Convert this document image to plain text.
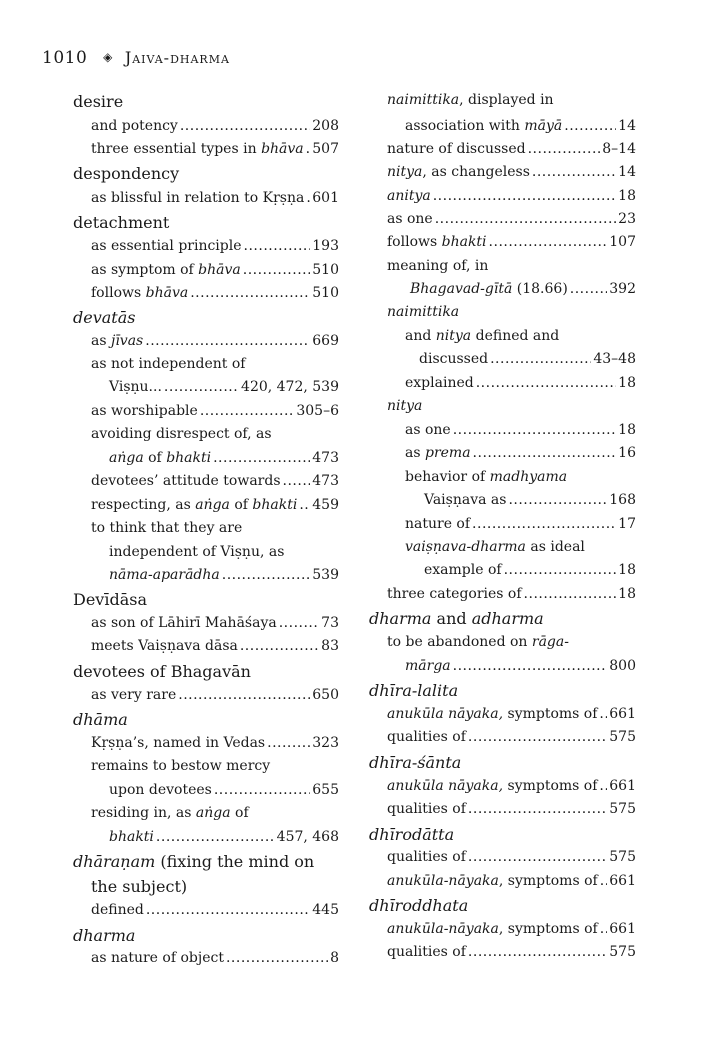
1010 ◈ Jaiva-dharma
desire
and potency .....	208
three essential types in bhāva ..... 507
despondency
as blissful in relation to Kṛṣṇa ..... 601
detachment
as essential principle .....	193
as symptom of bhāva .....	510
follows bhāva .....	510
devatās
as jīvas .....	669
as not independent of
Viṣṇu... .....	420, 472, 539
as worshipable .....	305–6
avoiding disrespect of, as
aṅga of bhakti .....	473
devotees’ attitude towards ..... 473
respecting, as aṅga of bhakti ..... 459
to think that they are
independent of Viṣṇu, as
nāma-aparādha .....	539
Devīdāsa
as son of Lāhirī Mahāśaya .....	73
meets Vaiṣṇava dāsa .....	83
devotees of Bhagavān
as very rare .....	650
dhāma
Kṛṣṇa’s, named in Vedas .....	323
remains to bestow mercy
upon devotees .....	655
residing in, as aṅga of
bhakti .....	457, 468
dhāraṇam (fixing the mind on
the subject)
defined .....	445
dharma
as nature of object .....	8
naimittika, displayed in
association with māyā .....	14
nature of discussed .....	8–14
nitya, as changeless .....	14
anitya .....	18
as one .....	23
follows bhakti .....	107
meaning of, in
Bhagavad-gītā (18.66) .....	392
naimittika
and nitya defined and
discussed .....	43–48
explained .....	18
nitya
as one .....	18
as prema .....	16
behavior of madhyama
Vaiṣṇava as .....	168
nature of .....	17
vaiṣṇava-dharma as ideal
example of .....	18
three categories of .....	18
dharma and adharma
to be abandoned on rāga-
mārga .....	800
dhīra-lalita
anukūla nāyaka, symptoms of ..... 661
qualities of .....	575
dhīra-śānta
anukūla nāyaka, symptoms of ..... 661
qualities of .....	575
dhīrodātta
qualities of .....	575
anukūla-nāyaka, symptoms of ..... 661
dhīroddhata
anukūla-nāyaka, symptoms of ..... 661
qualities of .....	575
